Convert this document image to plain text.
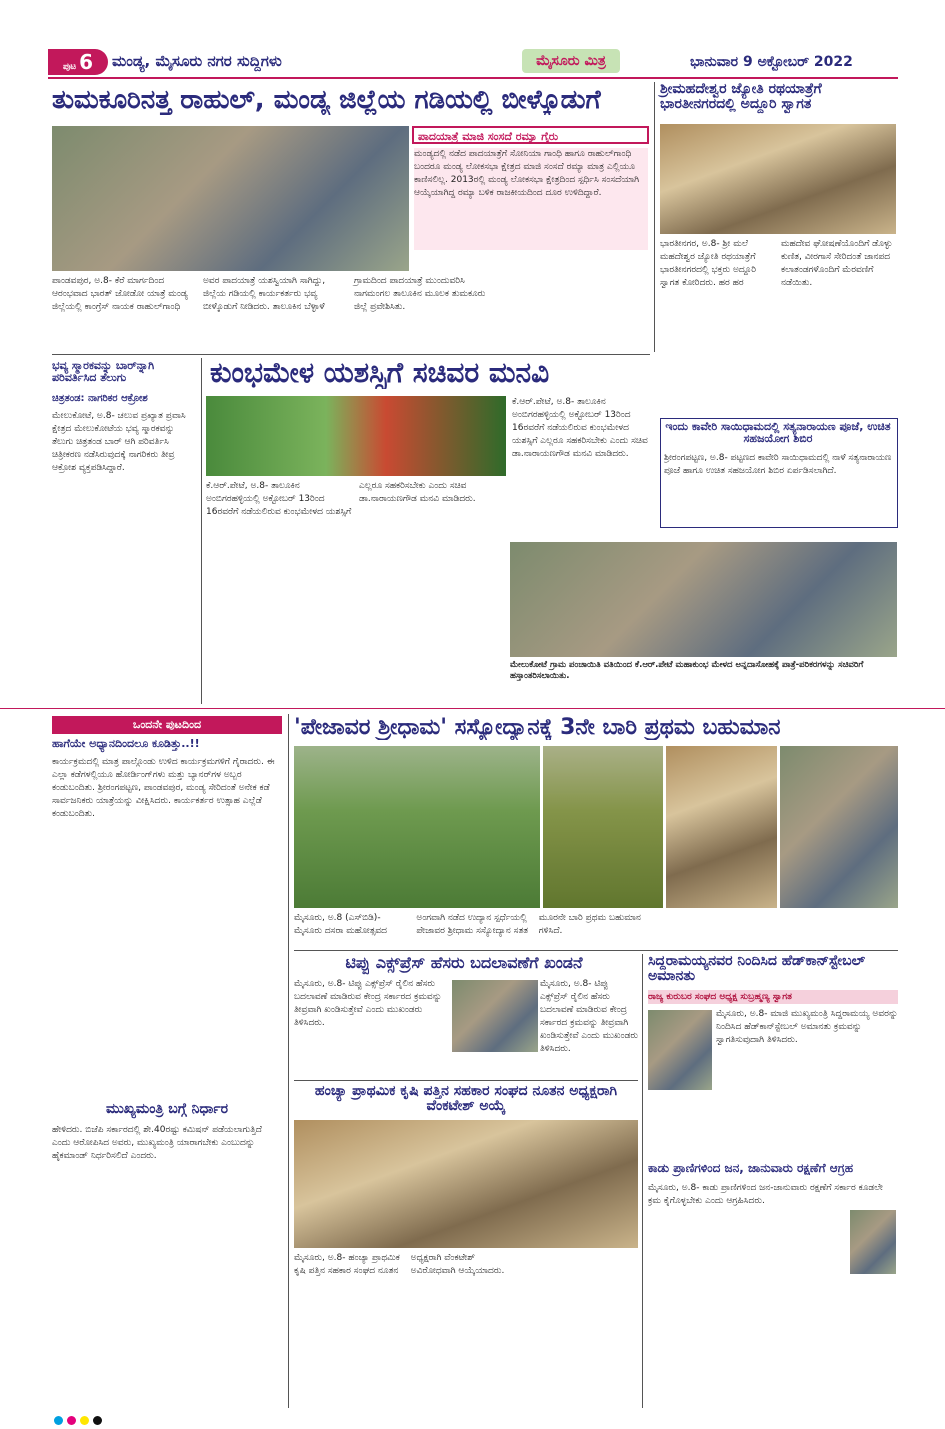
ಪುಟ 6	ಮಂಡ್ಯ, ಮೈಸೂರು ನಗರ ಸುದ್ದಿಗಳು	ಮೈಸೂರು ಮಿತ್ರ	ಭಾನುವಾರ 9 ಅಕ್ಟೋಬರ್ 2022
ತುಮಕೂರಿನತ್ತ ರಾಹುಲ್, ಮಂಡ್ಯ ಜಿಲ್ಲೆಯ ಗಡಿಯಲ್ಲಿ ಬೀಳ್ಕೊಡುಗೆ
ಪಾದಯಾತ್ರೆ ಮಾಜಿ ಸಂಸದೆ ರಮ್ಯಾ ಗೈರು
ಮಂಡ್ಯದಲ್ಲಿ ನಡೆದ ಪಾದಯಾತ್ರೆಗೆ ಸೋನಿಯಾ ಗಾಂಧಿ ಹಾಗೂ ರಾಹುಲ್‌ಗಾಂಧಿ ಬಂದರೂ ಮಂಡ್ಯ ಲೋಕಸಭಾ ಕ್ಷೇತ್ರದ ಮಾಜಿ ಸಂಸದೆ ರಮ್ಯಾ ಮಾತ್ರ ಎಲ್ಲಿಯೂ ಕಾಣಿಸಲಿಲ್ಲ. 2013ರಲ್ಲಿ ಮಂಡ್ಯ ಲೋಕಸಭಾ ಕ್ಷೇತ್ರದಿಂದ ಸ್ಪರ್ಧಿಸಿ ಸಂಸದೆಯಾಗಿ ಆಯ್ಕೆಯಾಗಿದ್ದ ರಮ್ಯಾ ಬಳಿಕ ರಾಜಕೀಯದಿಂದ ದೂರ ಉಳಿದಿದ್ದಾರೆ.
ಪಾಂಡವಪುರ, ಅ.8- ಕೆರೆ ಮಾರ್ಗದಿಂದ ಆರಂಭವಾದ ಭಾರತ್ ಜೋಡೋ ಯಾತ್ರೆ ಮಂಡ್ಯ ಜಿಲ್ಲೆಯಲ್ಲಿ ಕಾಂಗ್ರೆಸ್ ನಾಯಕ ರಾಹುಲ್‌ಗಾಂಧಿ ಅವರ ಪಾದಯಾತ್ರೆ ಯಶಸ್ವಿಯಾಗಿ ಸಾಗಿದ್ದು, ಜಿಲ್ಲೆಯ ಗಡಿಯಲ್ಲಿ ಕಾರ್ಯಕರ್ತರು ಭವ್ಯ ಬೀಳ್ಕೊಡುಗೆ ನೀಡಿದರು. ತಾಲೂಕಿನ ಬೆಳ್ಳಾಳೆ ಗ್ರಾಮದಿಂದ ಪಾದಯಾತ್ರೆ ಮುಂದುವರಿಸಿ ನಾಗಮಂಗಲ ತಾಲೂಕಿನ ಮೂಲಕ ತುಮಕೂರು ಜಿಲ್ಲೆ ಪ್ರವೇಶಿಸಿತು.
ಶ್ರೀಮಹದೇಶ್ವರ ಜ್ಯೋತಿ ರಥಯಾತ್ರೆಗೆ ಭಾರತೀನಗರದಲ್ಲಿ ಅದ್ದೂರಿ ಸ್ವಾಗತ
ಭಾರತೀನಗರ, ಅ.8- ಶ್ರೀ ಮಲೆ ಮಹದೇಶ್ವರ ಜ್ಯೋತಿ ರಥಯಾತ್ರೆಗೆ ಭಾರತೀನಗರದಲ್ಲಿ ಭಕ್ತರು ಅದ್ದೂರಿ ಸ್ವಾಗತ ಕೋರಿದರು. ಹರ ಹರ ಮಹದೇವ ಘೋಷಣೆಯೊಂದಿಗೆ ಡೊಳ್ಳು ಕುಣಿತ, ವೀರಗಾಸೆ ಸೇರಿದಂತೆ ಜಾನಪದ ಕಲಾತಂಡಗಳೊಂದಿಗೆ ಮೆರವಣಿಗೆ ನಡೆಯಿತು.
ಇಂದು ಕಾವೇರಿ ಸಾಯಿಧಾಮದಲ್ಲಿ ಸತ್ಯನಾರಾಯಣ ಪೂಜೆ, ಉಚಿತ ಸಹಜಯೋಗ ಶಿಬಿರ
ಶ್ರೀರಂಗಪಟ್ಟಣ, ಅ.8- ಪಟ್ಟಣದ ಕಾವೇರಿ ಸಾಯಿಧಾಮದಲ್ಲಿ ನಾಳೆ ಸತ್ಯನಾರಾಯಣ ಪೂಜೆ ಹಾಗೂ ಉಚಿತ ಸಹಜಯೋಗ ಶಿಬಿರ ಏರ್ಪಡಿಸಲಾಗಿದೆ.
ಭವ್ಯ ಸ್ಮಾರಕವನ್ನು ಬಾರ್‌ನ್ನಾಗಿ ಪರಿವರ್ತಿಸಿದ ತೆಲುಗು
ಚಿತ್ರತಂಡ: ನಾಗರಿಕರ ಆಕ್ರೋಶ
ಮೇಲುಕೋಟೆ, ಅ.8- ಚಲುವ ಪ್ರಖ್ಯಾತ ಪ್ರವಾಸಿ ಕ್ಷೇತ್ರದ ಮೇಲುಕೋಟೆಯ ಭವ್ಯ ಸ್ಮಾರಕವನ್ನು ತೆಲುಗು ಚಿತ್ರತಂಡ ಬಾರ್ ಆಗಿ ಪರಿವರ್ತಿಸಿ ಚಿತ್ರೀಕರಣ ನಡೆಸಿರುವುದಕ್ಕೆ ನಾಗರಿಕರು ತೀವ್ರ ಆಕ್ರೋಶ ವ್ಯಕ್ತಪಡಿಸಿದ್ದಾರೆ.
ಕುಂಭಮೇಳ ಯಶಸ್ಸಿಗೆ ಸಚಿವರ ಮನವಿ
ಕೆ.ಆರ್.ಪೇಟೆ, ಅ.8- ತಾಲೂಕಿನ ಅಂಬಿಗರಹಳ್ಳಿಯಲ್ಲಿ ಅಕ್ಟೋಬರ್ 13ರಿಂದ 16ರವರೆಗೆ ನಡೆಯಲಿರುವ ಕುಂಭಮೇಳದ ಯಶಸ್ಸಿಗೆ ಎಲ್ಲರೂ ಸಹಕರಿಸಬೇಕು ಎಂದು ಸಚಿವ ಡಾ.ನಾರಾಯಣಗೌಡ ಮನವಿ ಮಾಡಿದರು.
ಕೆ.ಆರ್.ಪೇಟೆ, ಅ.8- ತಾಲೂಕಿನ ಅಂಬಿಗರಹಳ್ಳಿಯಲ್ಲಿ ಅಕ್ಟೋಬರ್ 13ರಿಂದ 16ರವರೆಗೆ ನಡೆಯಲಿರುವ ಕುಂಭಮೇಳದ ಯಶಸ್ಸಿಗೆ ಎಲ್ಲರೂ ಸಹಕರಿಸಬೇಕು ಎಂದು ಸಚಿವ ಡಾ.ನಾರಾಯಣಗೌಡ ಮನವಿ ಮಾಡಿದರು.
ಮೇಲುಕೋಟೆ ಗ್ರಾಮ ಪಂಚಾಯಿತಿ ವತಿಯಿಂದ ಕೆ.ಆರ್.ಪೇಟೆ ಮಹಾಕುಂಭ ಮೇಳದ ಅನ್ನದಾಸೋಹಕ್ಕೆ ಪಾತ್ರೆ-ಪರಿಕರಗಳನ್ನು ಸಚಿವರಿಗೆ ಹಸ್ತಾಂತರಿಸಲಾಯಿತು.
ಒಂದನೇ ಪುಟದಿಂದ
ಹಾಗೆಯೇ ಅಧ್ಯಾನದಿಂದಲೂ ಕೂಡಿತ್ತು..!!
ಕಾರ್ಯಕ್ರಮದಲ್ಲಿ ಮಾತ್ರ ಪಾಲ್ಗೊಂಡು ಉಳಿದ ಕಾರ್ಯಕ್ರಮಗಳಿಗೆ ಗೈರಾದರು. ಈ ಎಲ್ಲಾ ಕಡೆಗಳಲ್ಲಿಯೂ ಹೋರ್ಡಿಂಗ್‌ಗಳು ಮತ್ತು ಬ್ಯಾನರ್‌ಗಳ ಅಬ್ಬರ ಕಂಡುಬಂದಿತು. ಶ್ರೀರಂಗಪಟ್ಟಣ, ಪಾಂಡವಪುರ, ಮಂಡ್ಯ ಸೇರಿದಂತೆ ಅನೇಕ ಕಡೆ ಸಾರ್ವಜನಿಕರು ಯಾತ್ರೆಯನ್ನು ವೀಕ್ಷಿಸಿದರು. ಕಾರ್ಯಕರ್ತರ ಉತ್ಸಾಹ ಎಲ್ಲೆಡೆ ಕಂಡುಬಂದಿತು.
ಮುಖ್ಯಮಂತ್ರಿ ಬಗ್ಗೆ ನಿರ್ಧಾರ
ಹೇಳಿದರು. ಬಿಜೆಪಿ ಸರ್ಕಾರದಲ್ಲಿ ಶೇ.40ರಷ್ಟು ಕಮಿಷನ್ ಪಡೆಯಲಾಗುತ್ತಿದೆ ಎಂದು ಆರೋಪಿಸಿದ ಅವರು, ಮುಖ್ಯಮಂತ್ರಿ ಯಾರಾಗಬೇಕು ಎಂಬುದನ್ನು ಹೈಕಮಾಂಡ್ ನಿರ್ಧರಿಸಲಿದೆ ಎಂದರು.
'ಪೇಜಾವರ ಶ್ರೀಧಾಮ' ಸಸ್ಯೋದ್ಯಾನಕ್ಕೆ 3ನೇ ಬಾರಿ ಪ್ರಥಮ ಬಹುಮಾನ
ಮೈಸೂರು, ಅ.8 (ಎಸ್‌ಬಿಡಿ)- ಮೈಸೂರು ದಸರಾ ಮಹೋತ್ಸವದ ಅಂಗವಾಗಿ ನಡೆದ ಉದ್ಯಾನ ಸ್ಪರ್ಧೆಯಲ್ಲಿ ಪೇಜಾವರ ಶ್ರೀಧಾಮ ಸಸ್ಯೋದ್ಯಾನ ಸತತ ಮೂರನೇ ಬಾರಿ ಪ್ರಥಮ ಬಹುಮಾನ ಗಳಿಸಿದೆ.
ಟಿಪ್ಪು ಎಕ್ಸ್‌ಪ್ರೆಸ್ ಹೆಸರು ಬದಲಾವಣೆಗೆ ಖಂಡನೆ
ಮೈಸೂರು, ಅ.8- ಟಿಪ್ಪು ಎಕ್ಸ್‌ಪ್ರೆಸ್ ರೈಲಿನ ಹೆಸರು ಬದಲಾವಣೆ ಮಾಡಿರುವ ಕೇಂದ್ರ ಸರ್ಕಾರದ ಕ್ರಮವನ್ನು ತೀವ್ರವಾಗಿ ಖಂಡಿಸುತ್ತೇವೆ ಎಂದು ಮುಖಂಡರು ತಿಳಿಸಿದರು.
ಮೈಸೂರು, ಅ.8- ಟಿಪ್ಪು ಎಕ್ಸ್‌ಪ್ರೆಸ್ ರೈಲಿನ ಹೆಸರು ಬದಲಾವಣೆ ಮಾಡಿರುವ ಕೇಂದ್ರ ಸರ್ಕಾರದ ಕ್ರಮವನ್ನು ತೀವ್ರವಾಗಿ ಖಂಡಿಸುತ್ತೇವೆ ಎಂದು ಮುಖಂಡರು ತಿಳಿಸಿದರು.
ಸಿದ್ದರಾಮಯ್ಯನವರ ನಿಂದಿಸಿದ ಹೆಡ್‌ಕಾನ್‌ಸ್ಟೇಬಲ್ ಅಮಾನತು
ರಾಜ್ಯ ಕುರುಬರ ಸಂಘದ ಅಧ್ಯಕ್ಷ ಸುಬ್ರಹ್ಮಣ್ಯ ಸ್ವಾಗತ
ಮೈಸೂರು, ಅ.8- ಮಾಜಿ ಮುಖ್ಯಮಂತ್ರಿ ಸಿದ್ದರಾಮಯ್ಯ ಅವರನ್ನು ನಿಂದಿಸಿದ ಹೆಡ್‌ಕಾನ್‌ಸ್ಟೇಬಲ್ ಅಮಾನತು ಕ್ರಮವನ್ನು ಸ್ವಾಗತಿಸುವುದಾಗಿ ತಿಳಿಸಿದರು.
ಕಾಡು ಪ್ರಾಣಿಗಳಿಂದ ಜನ, ಜಾನುವಾರು ರಕ್ಷಣೆಗೆ ಆಗ್ರಹ
ಮೈಸೂರು, ಅ.8- ಕಾಡು ಪ್ರಾಣಿಗಳಿಂದ ಜನ-ಜಾನುವಾರು ರಕ್ಷಣೆಗೆ ಸರ್ಕಾರ ಕೂಡಲೇ ಕ್ರಮ ಕೈಗೊಳ್ಳಬೇಕು ಎಂದು ಆಗ್ರಹಿಸಿದರು.
ಹಂಚ್ಯಾ ಪ್ರಾಥಮಿಕ ಕೃಷಿ ಪತ್ತಿನ ಸಹಕಾರ ಸಂಘದ ನೂತನ ಅಧ್ಯಕ್ಷರಾಗಿ ವೆಂಕಟೇಶ್ ಅಯ್ಕೆ
ಮೈಸೂರು, ಅ.8- ಹಂಚ್ಯಾ ಪ್ರಾಥಮಿಕ ಕೃಷಿ ಪತ್ತಿನ ಸಹಕಾರ ಸಂಘದ ನೂತನ ಅಧ್ಯಕ್ಷರಾಗಿ ವೆಂಕಟೇಶ್ ಅವಿರೋಧವಾಗಿ ಆಯ್ಕೆಯಾದರು.
